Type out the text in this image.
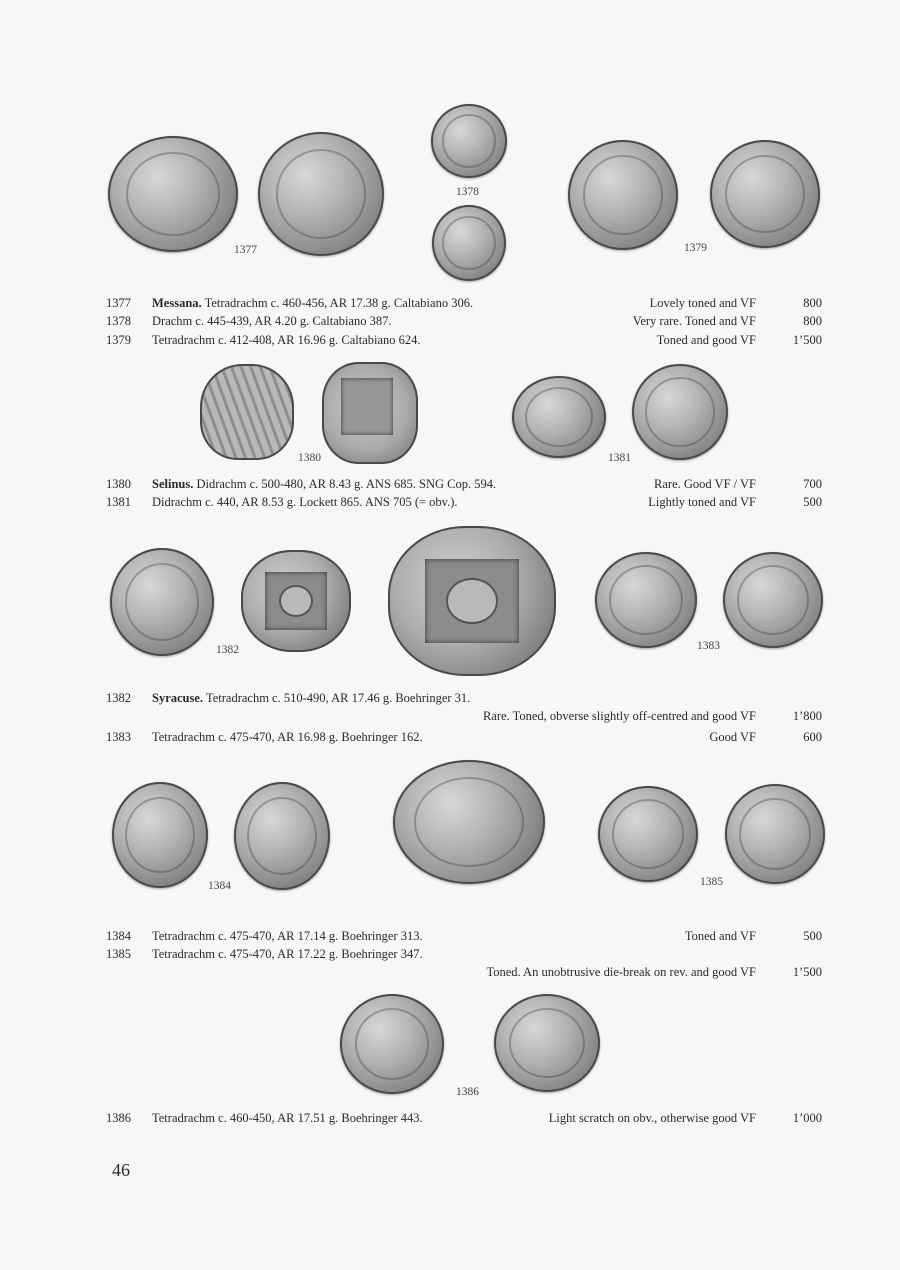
1377
1378
1379
1377 Messana. Tetradrachm c. 460-456, AR 17.38 g. Caltabiano 306.	Lovely toned and VF	800
1378 Drachm c. 445-439, AR 4.20 g. Caltabiano 387.	Very rare. Toned and VF	800
1379 Tetradrachm c. 412-408, AR 16.96 g. Caltabiano 624.	Toned and good VF	1’500
1380	1381
1380 Selinus. Didrachm c. 500-480, AR 8.43 g. ANS 685. SNG Cop. 594.	Rare. Good VF / VF	700
1381 Didrachm c. 440, AR 8.53 g. Lockett 865. ANS 705 (= obv.).	Lightly toned and VF	500
1382	1383
1382 Syracuse. Tetradrachm c. 510-490, AR 17.46 g. Boehringer 31.
Rare. Toned, obverse slightly off-centred and good VF	1’800
1383 Tetradrachm c. 475-470, AR 16.98 g. Boehringer 162.	Good VF	600
1384	1385
1384 Tetradrachm c. 475-470, AR 17.14 g. Boehringer 313.	Toned and VF	500
1385 Tetradrachm c. 475-470, AR 17.22 g. Boehringer 347.
Toned. An unobtrusive die-break on rev. and good VF	1’500
1386
1386 Tetradrachm c. 460-450, AR 17.51 g. Boehringer 443.	Light scratch on obv., otherwise good VF	1’000
46
